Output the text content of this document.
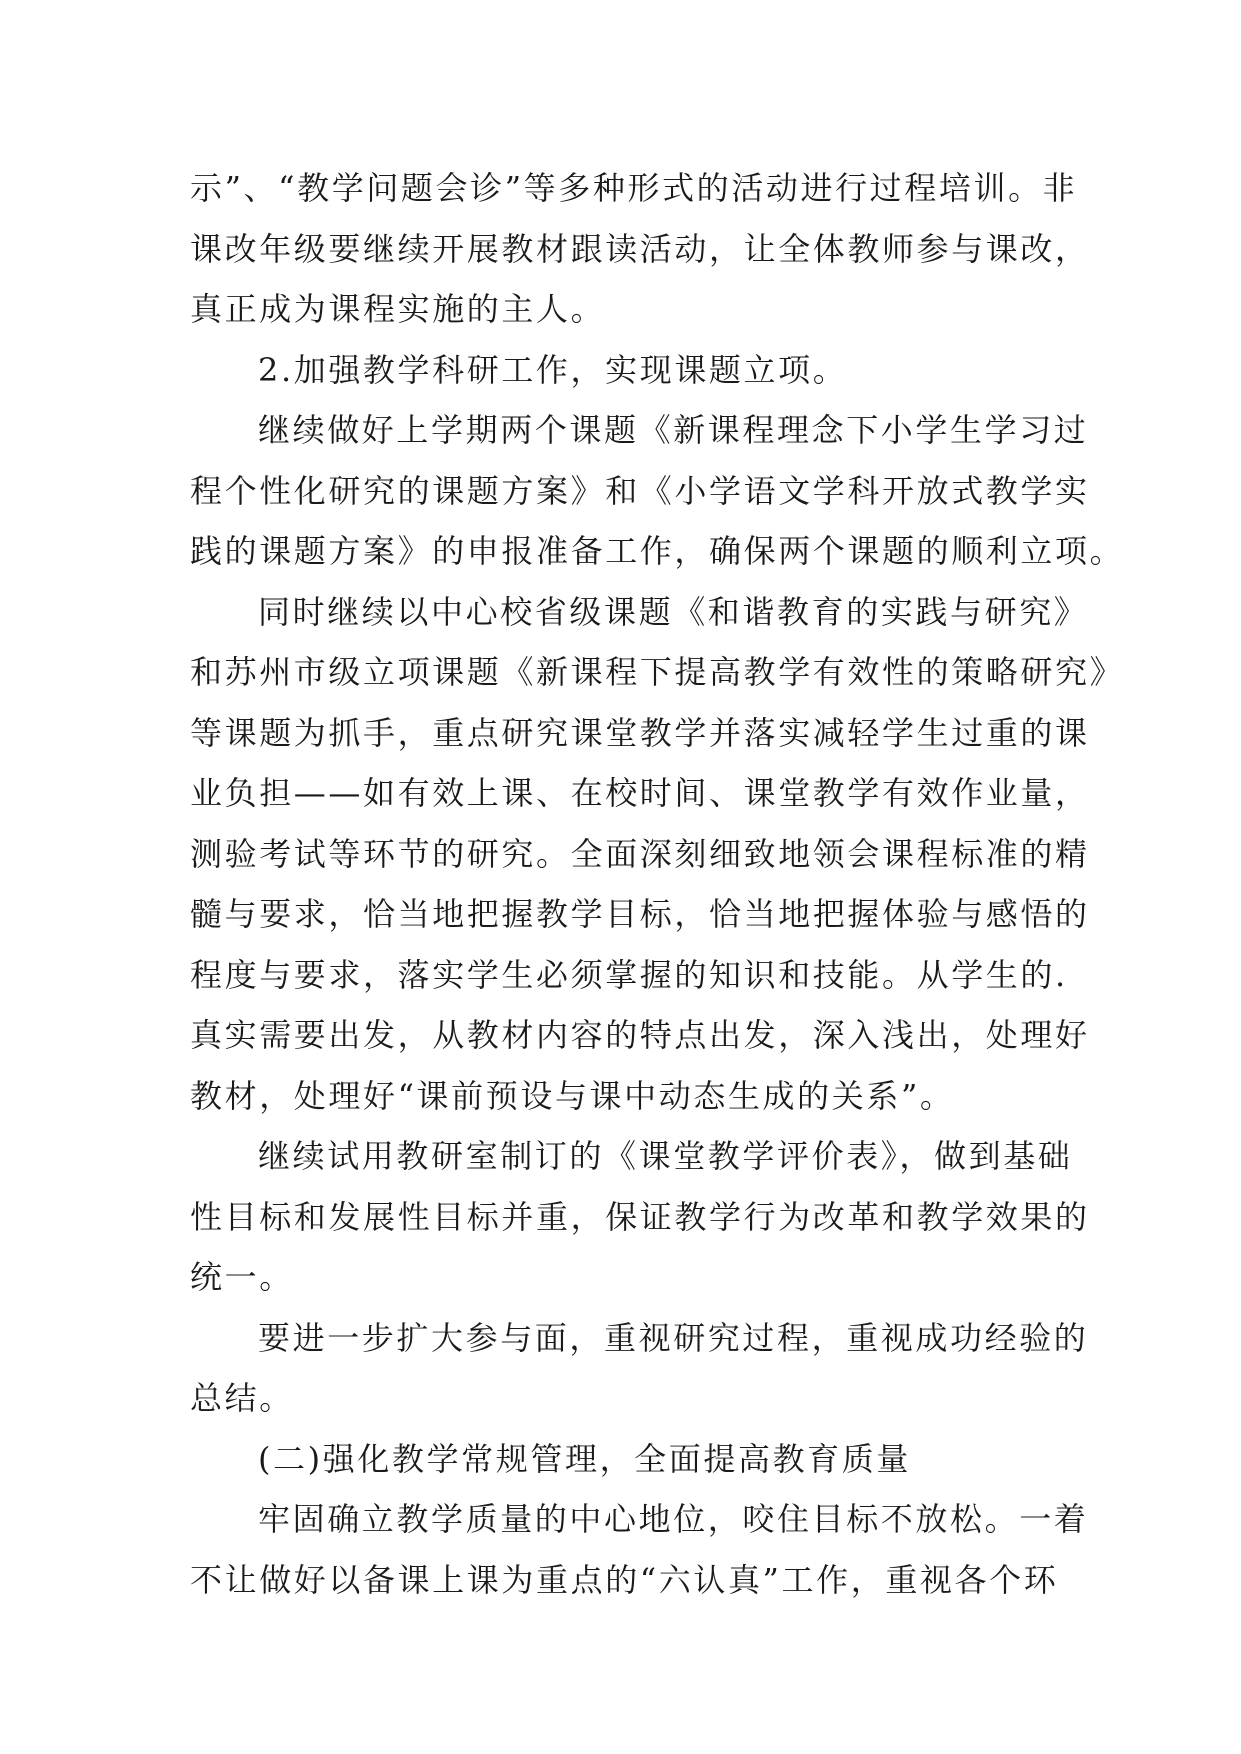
示”、“教学问题会诊”等多种形式的活动进行过程培训。非
课改年级要继续开展教材跟读活动，让全体教师参与课改，
真正成为课程实施的主人。
2.加强教学科研工作，实现课题立项。
继续做好上学期两个课题《新课程理念下小学生学习过
程个性化研究的课题方案》和《小学语文学科开放式教学实
践的课题方案》的申报准备工作，确保两个课题的顺利立项。
同时继续以中心校省级课题《和谐教育的实践与研究》
和苏州市级立项课题《新课程下提高教学有效性的策略研究》
等课题为抓手，重点研究课堂教学并落实减轻学生过重的课
业负担——如有效上课、在校时间、课堂教学有效作业量，
测验考试等环节的研究。全面深刻细致地领会课程标准的精
髓与要求，恰当地把握教学目标，恰当地把握体验与感悟的
程度与要求，落实学生必须掌握的知识和技能。从学生的.
真实需要出发，从教材内容的特点出发，深入浅出，处理好
教材，处理好“课前预设与课中动态生成的关系”。
继续试用教研室制订的《课堂教学评价表》，做到基础
性目标和发展性目标并重，保证教学行为改革和教学效果的
统一。
要进一步扩大参与面，重视研究过程，重视成功经验的
总结。
(二)强化教学常规管理，全面提高教育质量
牢固确立教学质量的中心地位，咬住目标不放松。一着
不让做好以备课上课为重点的“六认真”工作，重视各个环
